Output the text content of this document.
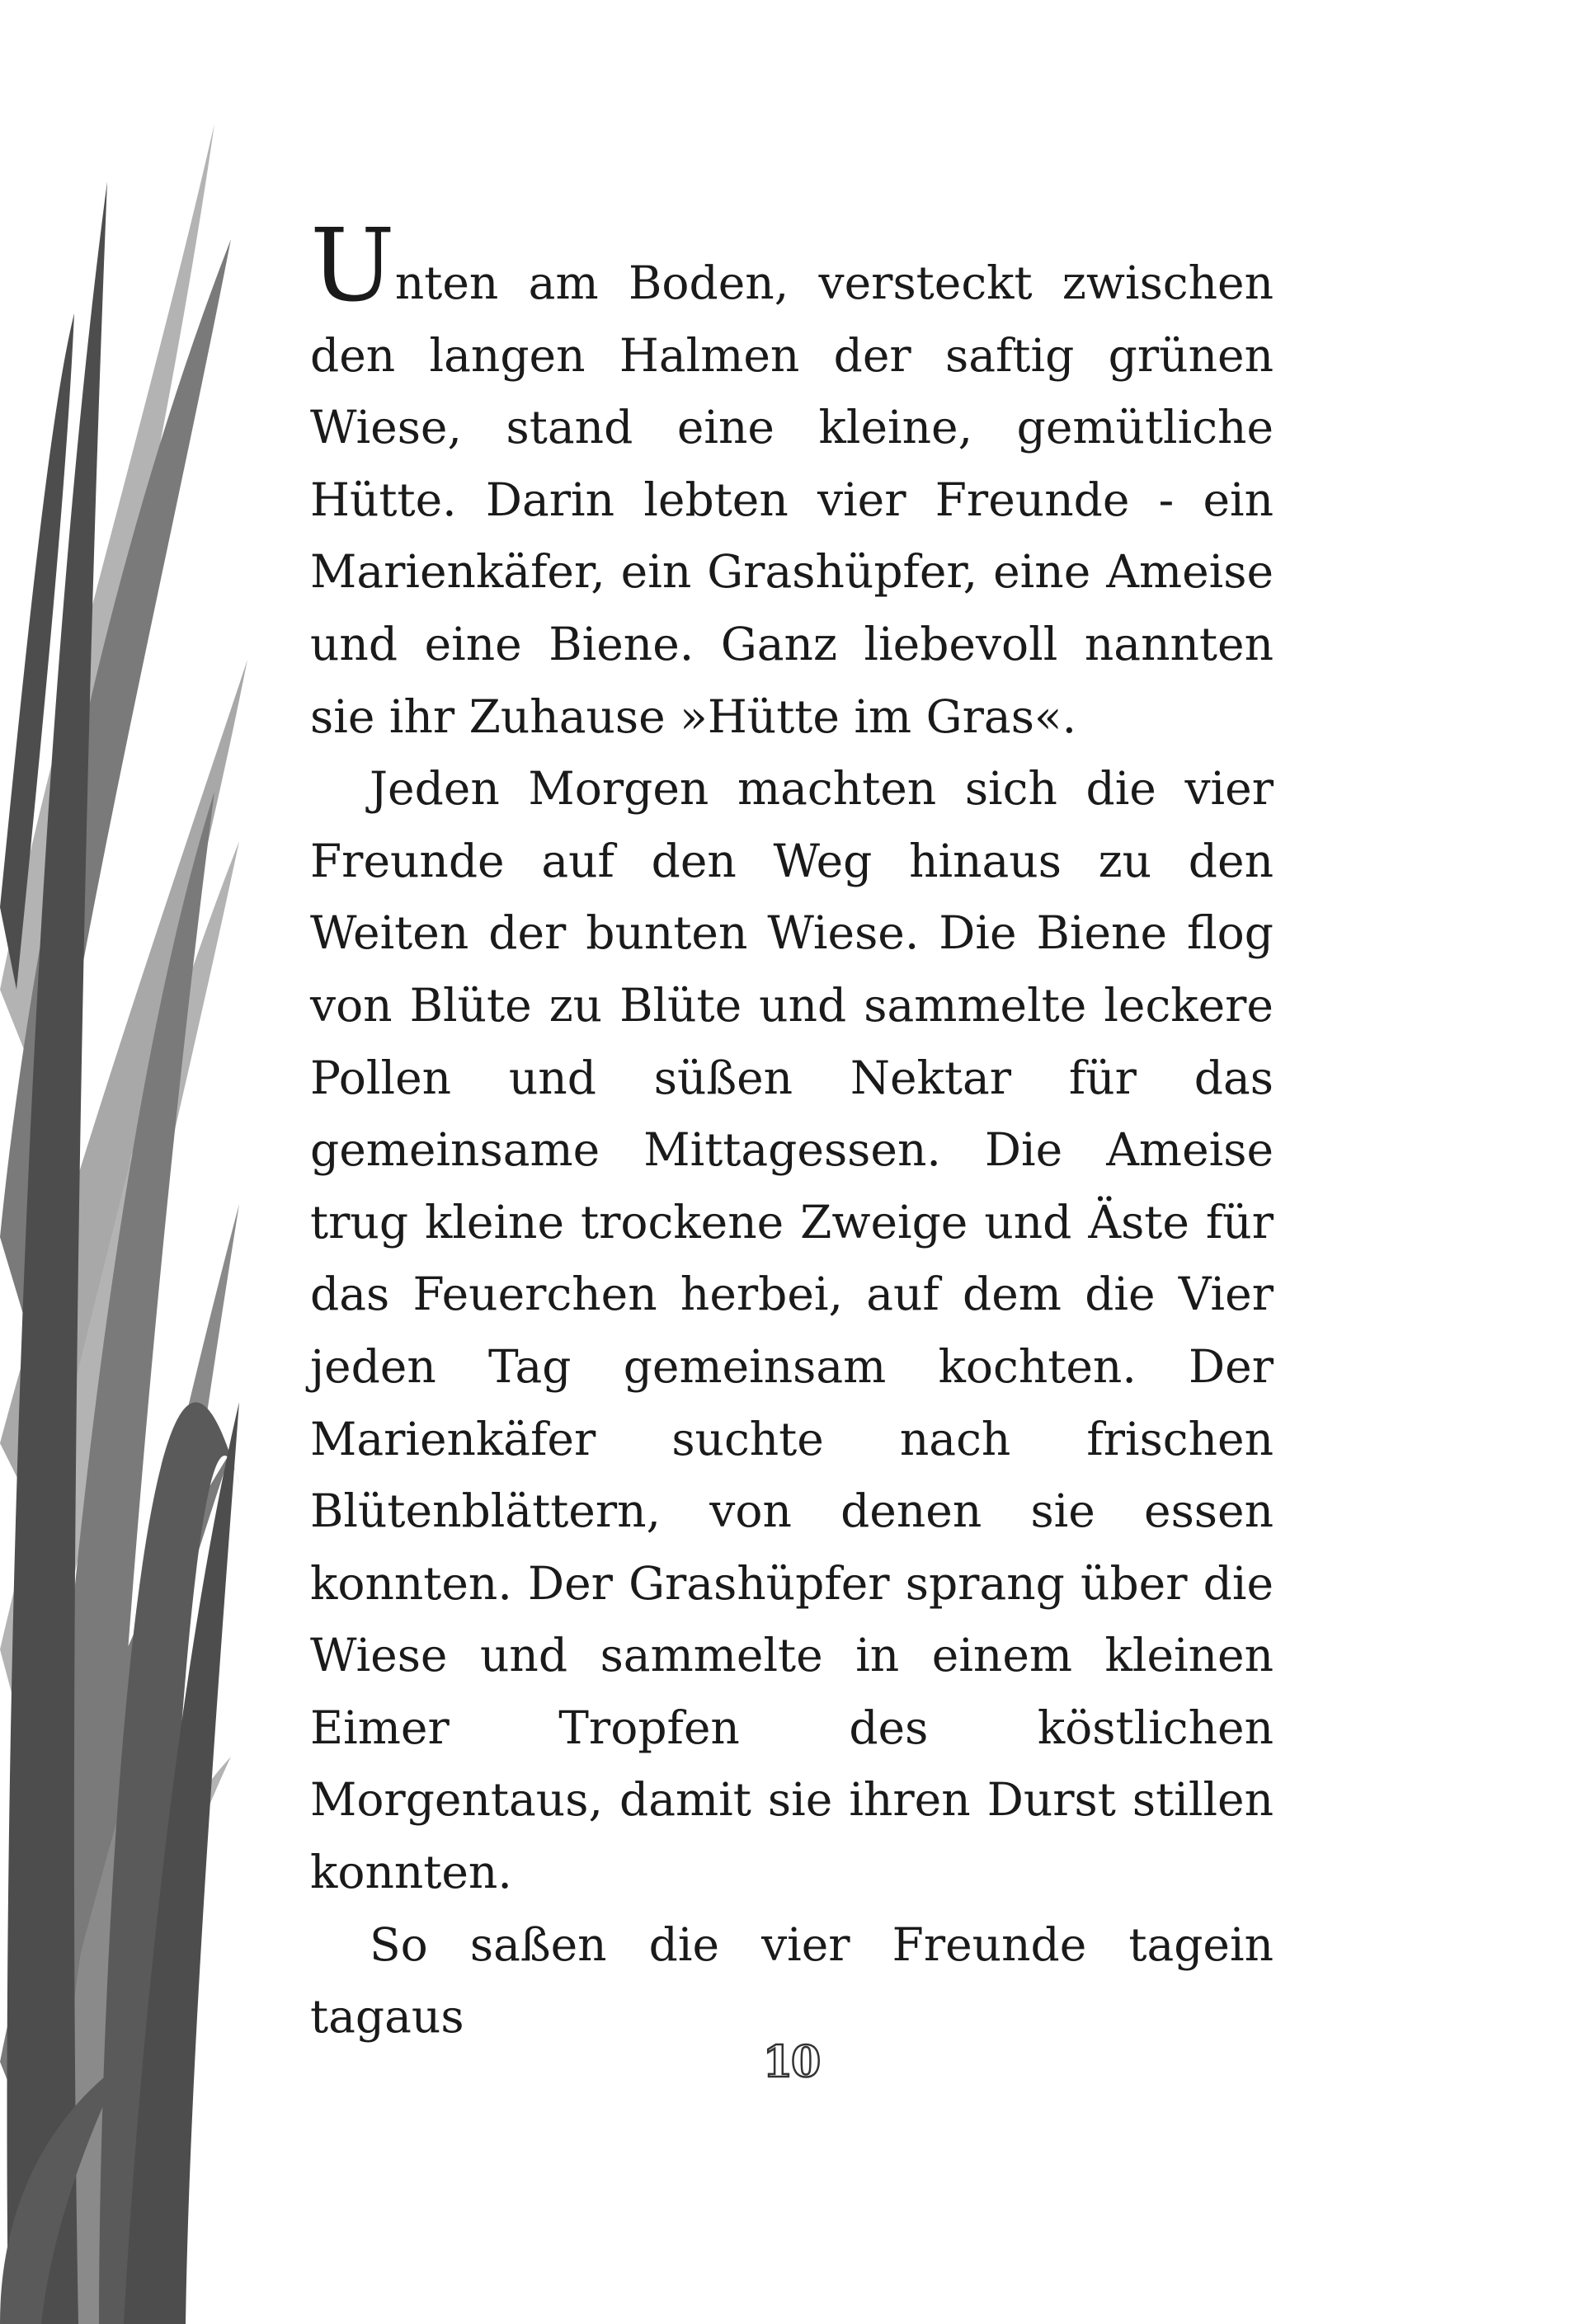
Unten am Boden, versteckt zwischen den langen Halmen der saftig grünen Wiese, stand eine kleine, gemütliche Hütte. Darin lebten vier Freunde - ein Marienkäfer, ein Grashüpfer, eine Ameise und eine Biene. Ganz liebevoll nannten sie ihr Zuhause »Hütte im Gras«.

Jeden Morgen machten sich die vier Freunde auf den Weg hinaus zu den Weiten der bunten Wiese. Die Biene flog von Blüte zu Blüte und sammelte leckere Pollen und süßen Nektar für das gemeinsame Mittagessen. Die Ameise trug kleine trockene Zweige und Äste für das Feuerchen herbei, auf dem die Vier jeden Tag gemeinsam kochten. Der Marienkäfer suchte nach frischen Blütenblättern, von denen sie essen konnten. Der Grashüpfer sprang über die Wiese und sammelte in einem kleinen Eimer Tropfen des köstlichen Morgentaus, damit sie ihren Durst stillen konnten.

So saßen die vier Freunde tagein tagaus

10
